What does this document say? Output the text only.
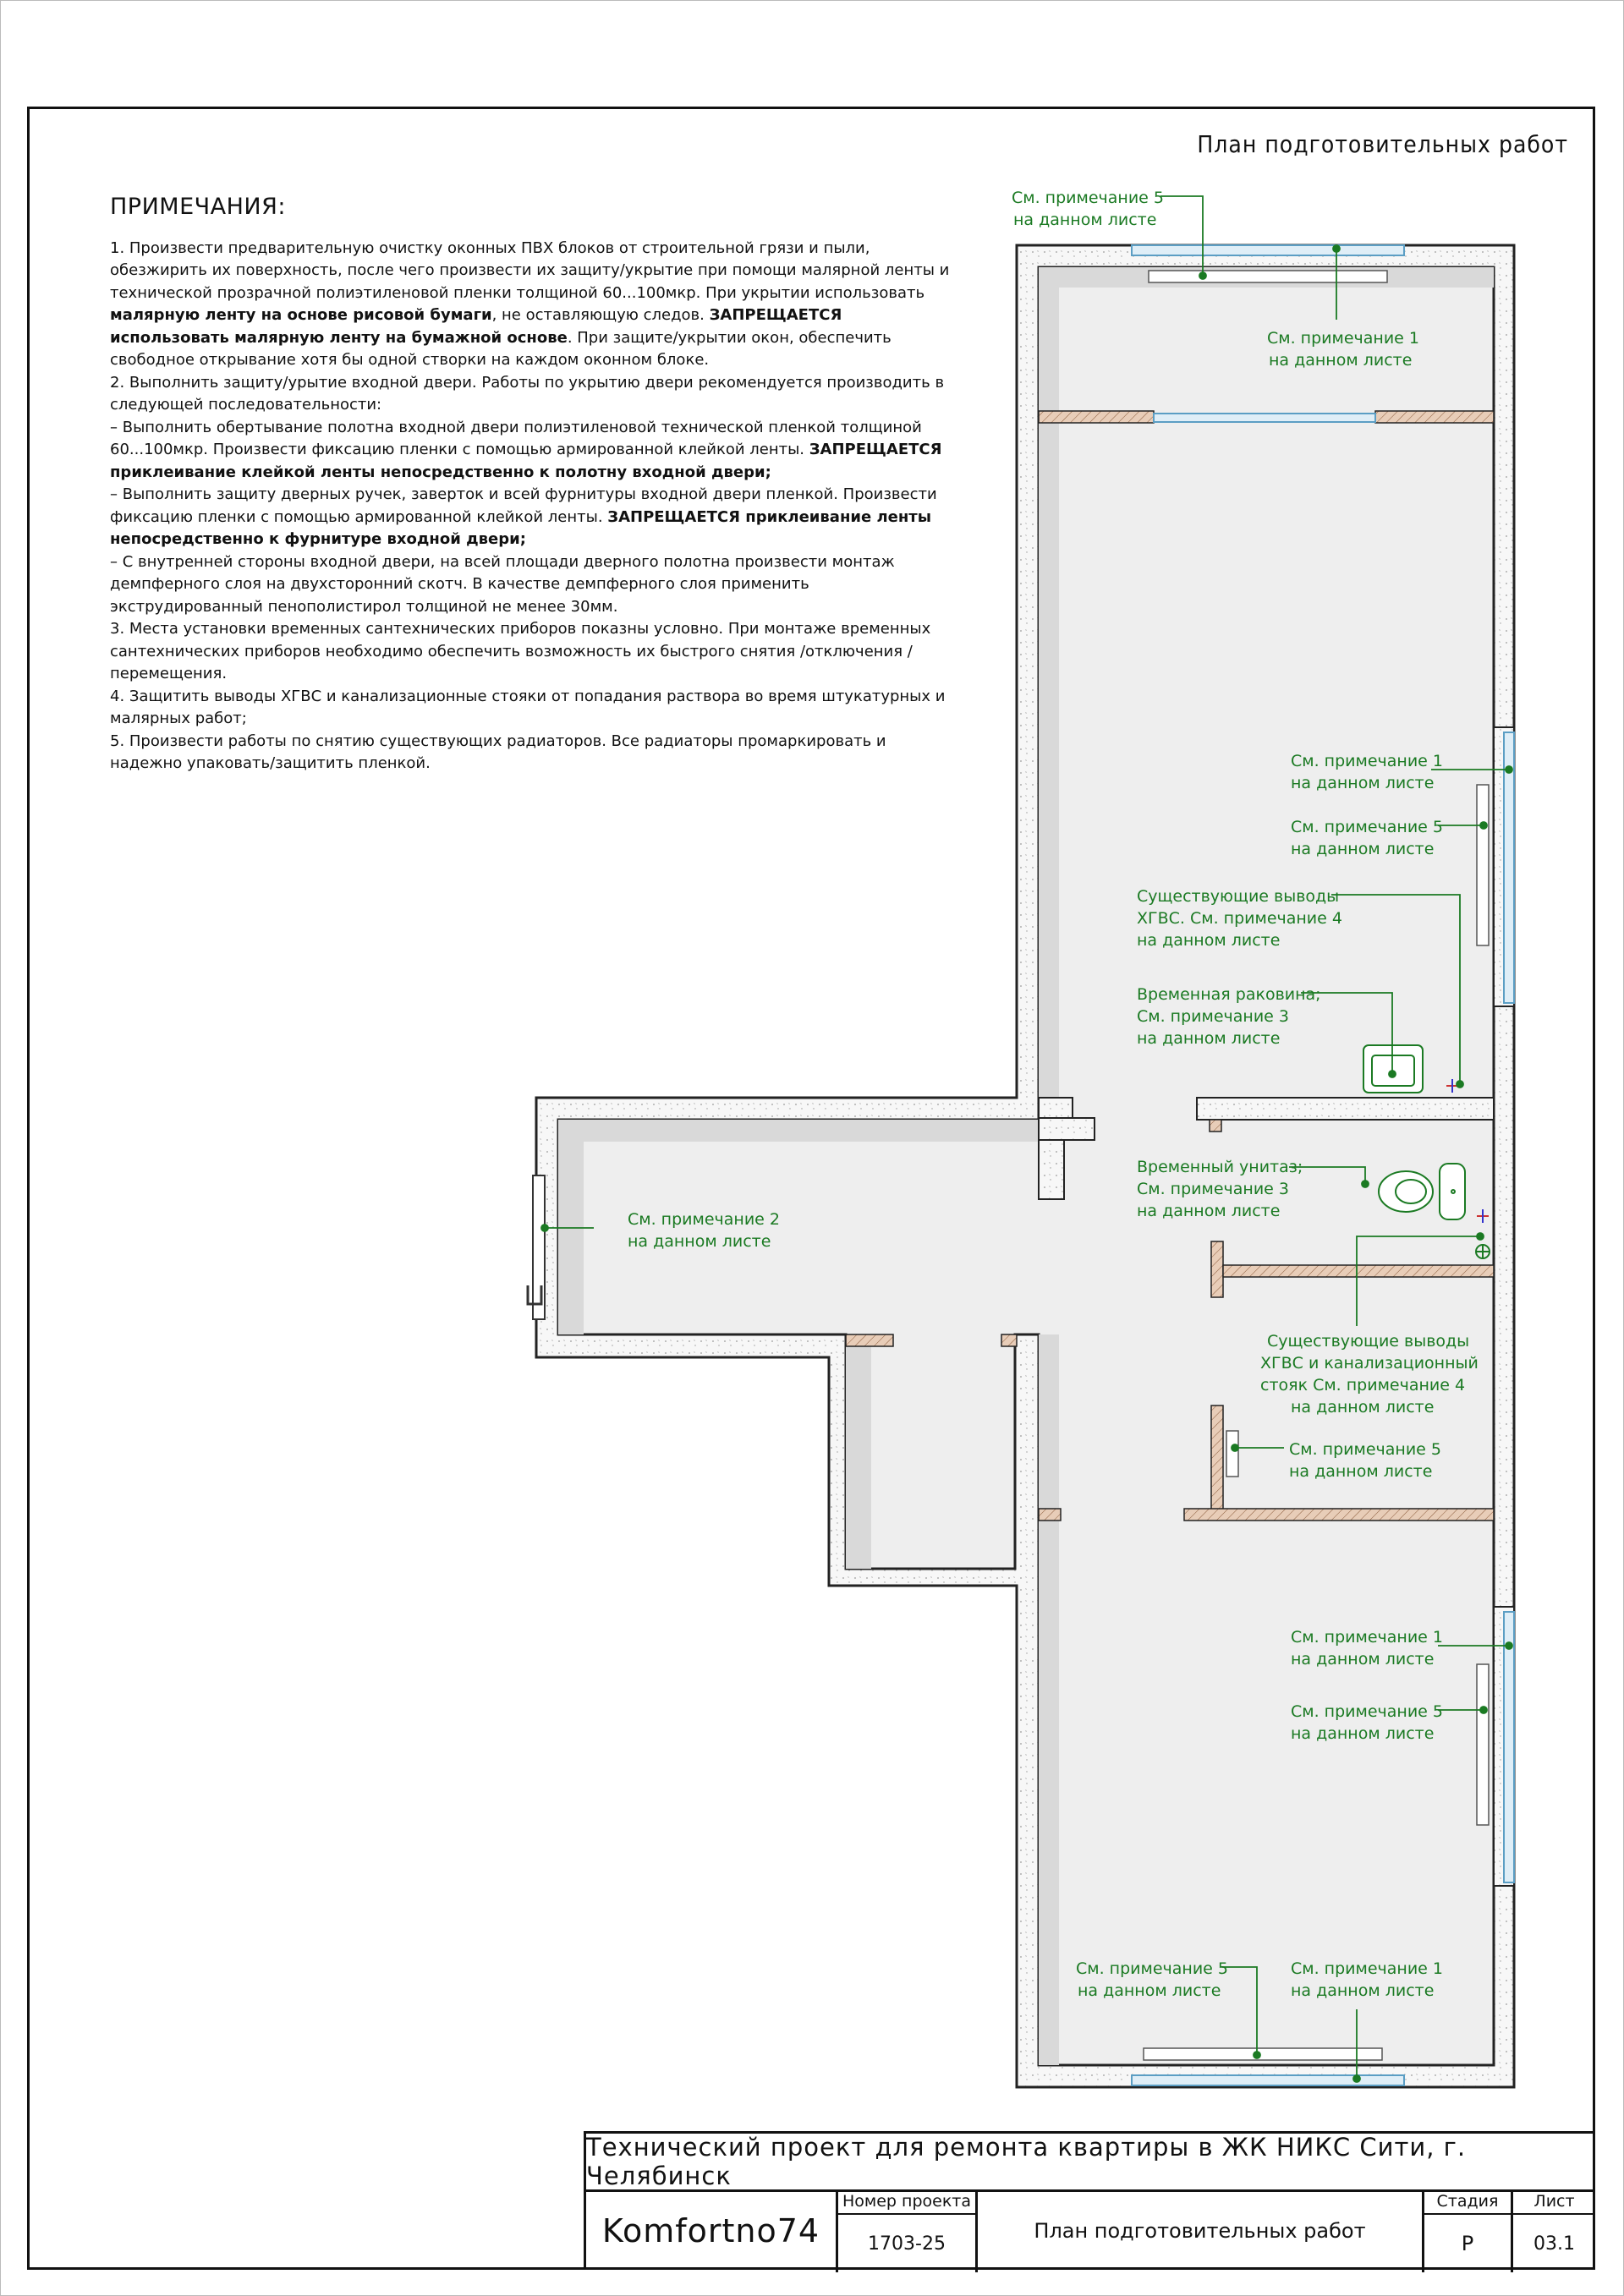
План подготовительных работ
ПРИМЕЧАНИЯ:

1. Произвести предварительную очистку оконных ПВХ блоков от строительной грязи и пыли, обезжирить их поверхность, после чего произвести их защиту/укрытие при помощи малярной ленты и технической прозрачной полиэтиленовой пленки толщиной 60...100мкр. При укрытии использовать малярную ленту на основе рисовой бумаги, не оставляющую следов. ЗАПРЕЩАЕТСЯ использовать малярную ленту на бумажной основе. При защите/укрытии окон, обеспечить свободное открывание хотя бы одной створки на каждом оконном блоке.

2. Выполнить защиту/урытие входной двери. Работы по укрытию двери рекомендуется производить в следующей последовательности:

– Выполнить обертывание полотна входной двери полиэтиленовой технической пленкой толщиной 60...100мкр. Произвести фиксацию пленки с помощью армированной клейкой ленты. ЗАПРЕЩАЕТСЯ приклеивание клейкой ленты непосредственно к полотну входной двери;

– Выполнить защиту дверных ручек, заверток и всей фурнитуры входной двери пленкой. Произвести фиксацию пленки с помощью армированной клейкой ленты. ЗАПРЕЩАЕТСЯ приклеивание ленты непосредственно к фурнитуре входной двери;

– С внутренней стороны входной двери, на всей площади дверного полотна произвести монтаж демпферного слоя на двухсторонний скотч. В качестве демпферного слоя применить экструдированный пенополистирол толщиной не менее 30мм.

3. Места установки временных сантехнических приборов показны условно. При монтаже временных сантехнических приборов необходимо обеспечить возможность их быстрого снятия /отключения / перемещения.

4. Защитить выводы ХГВС и канализационные стояки от попадания раствора во время штукатурных и малярных работ;

5. Произвести работы по снятию существующих радиаторов. Все радиаторы промаркировать и надежно упаковать/защитить пленкой.

См. примечание 5 на данном листе
См. примечание 1 на данном листе
См. примечание 1 на данном листе
См. примечание 5 на данном листе
Существующие выводы ХГВС. См. примечание 4 на данном листе
Временная раковина; См. примечание 3 на данном листе
См. примечание 2 на данном листе
Временный унитаз; См. примечание 3 на данном листе
Существующие выводы ХГВС и канализационный стояк См. примечание 4 на данном листе
См. примечание 5 на данном листе
См. примечание 1 на данном листе
См. примечание 5 на данном листе
См. примечание 5 на данном листе
См. примечание 1 на данном листе
Технический проект для ремонта квартиры в ЖК НИКС Сити, г. Челябинск
Komfortno74
Номер проекта
1703-25
План подготовительных работ
Стадия
Р
Лист
03.1
